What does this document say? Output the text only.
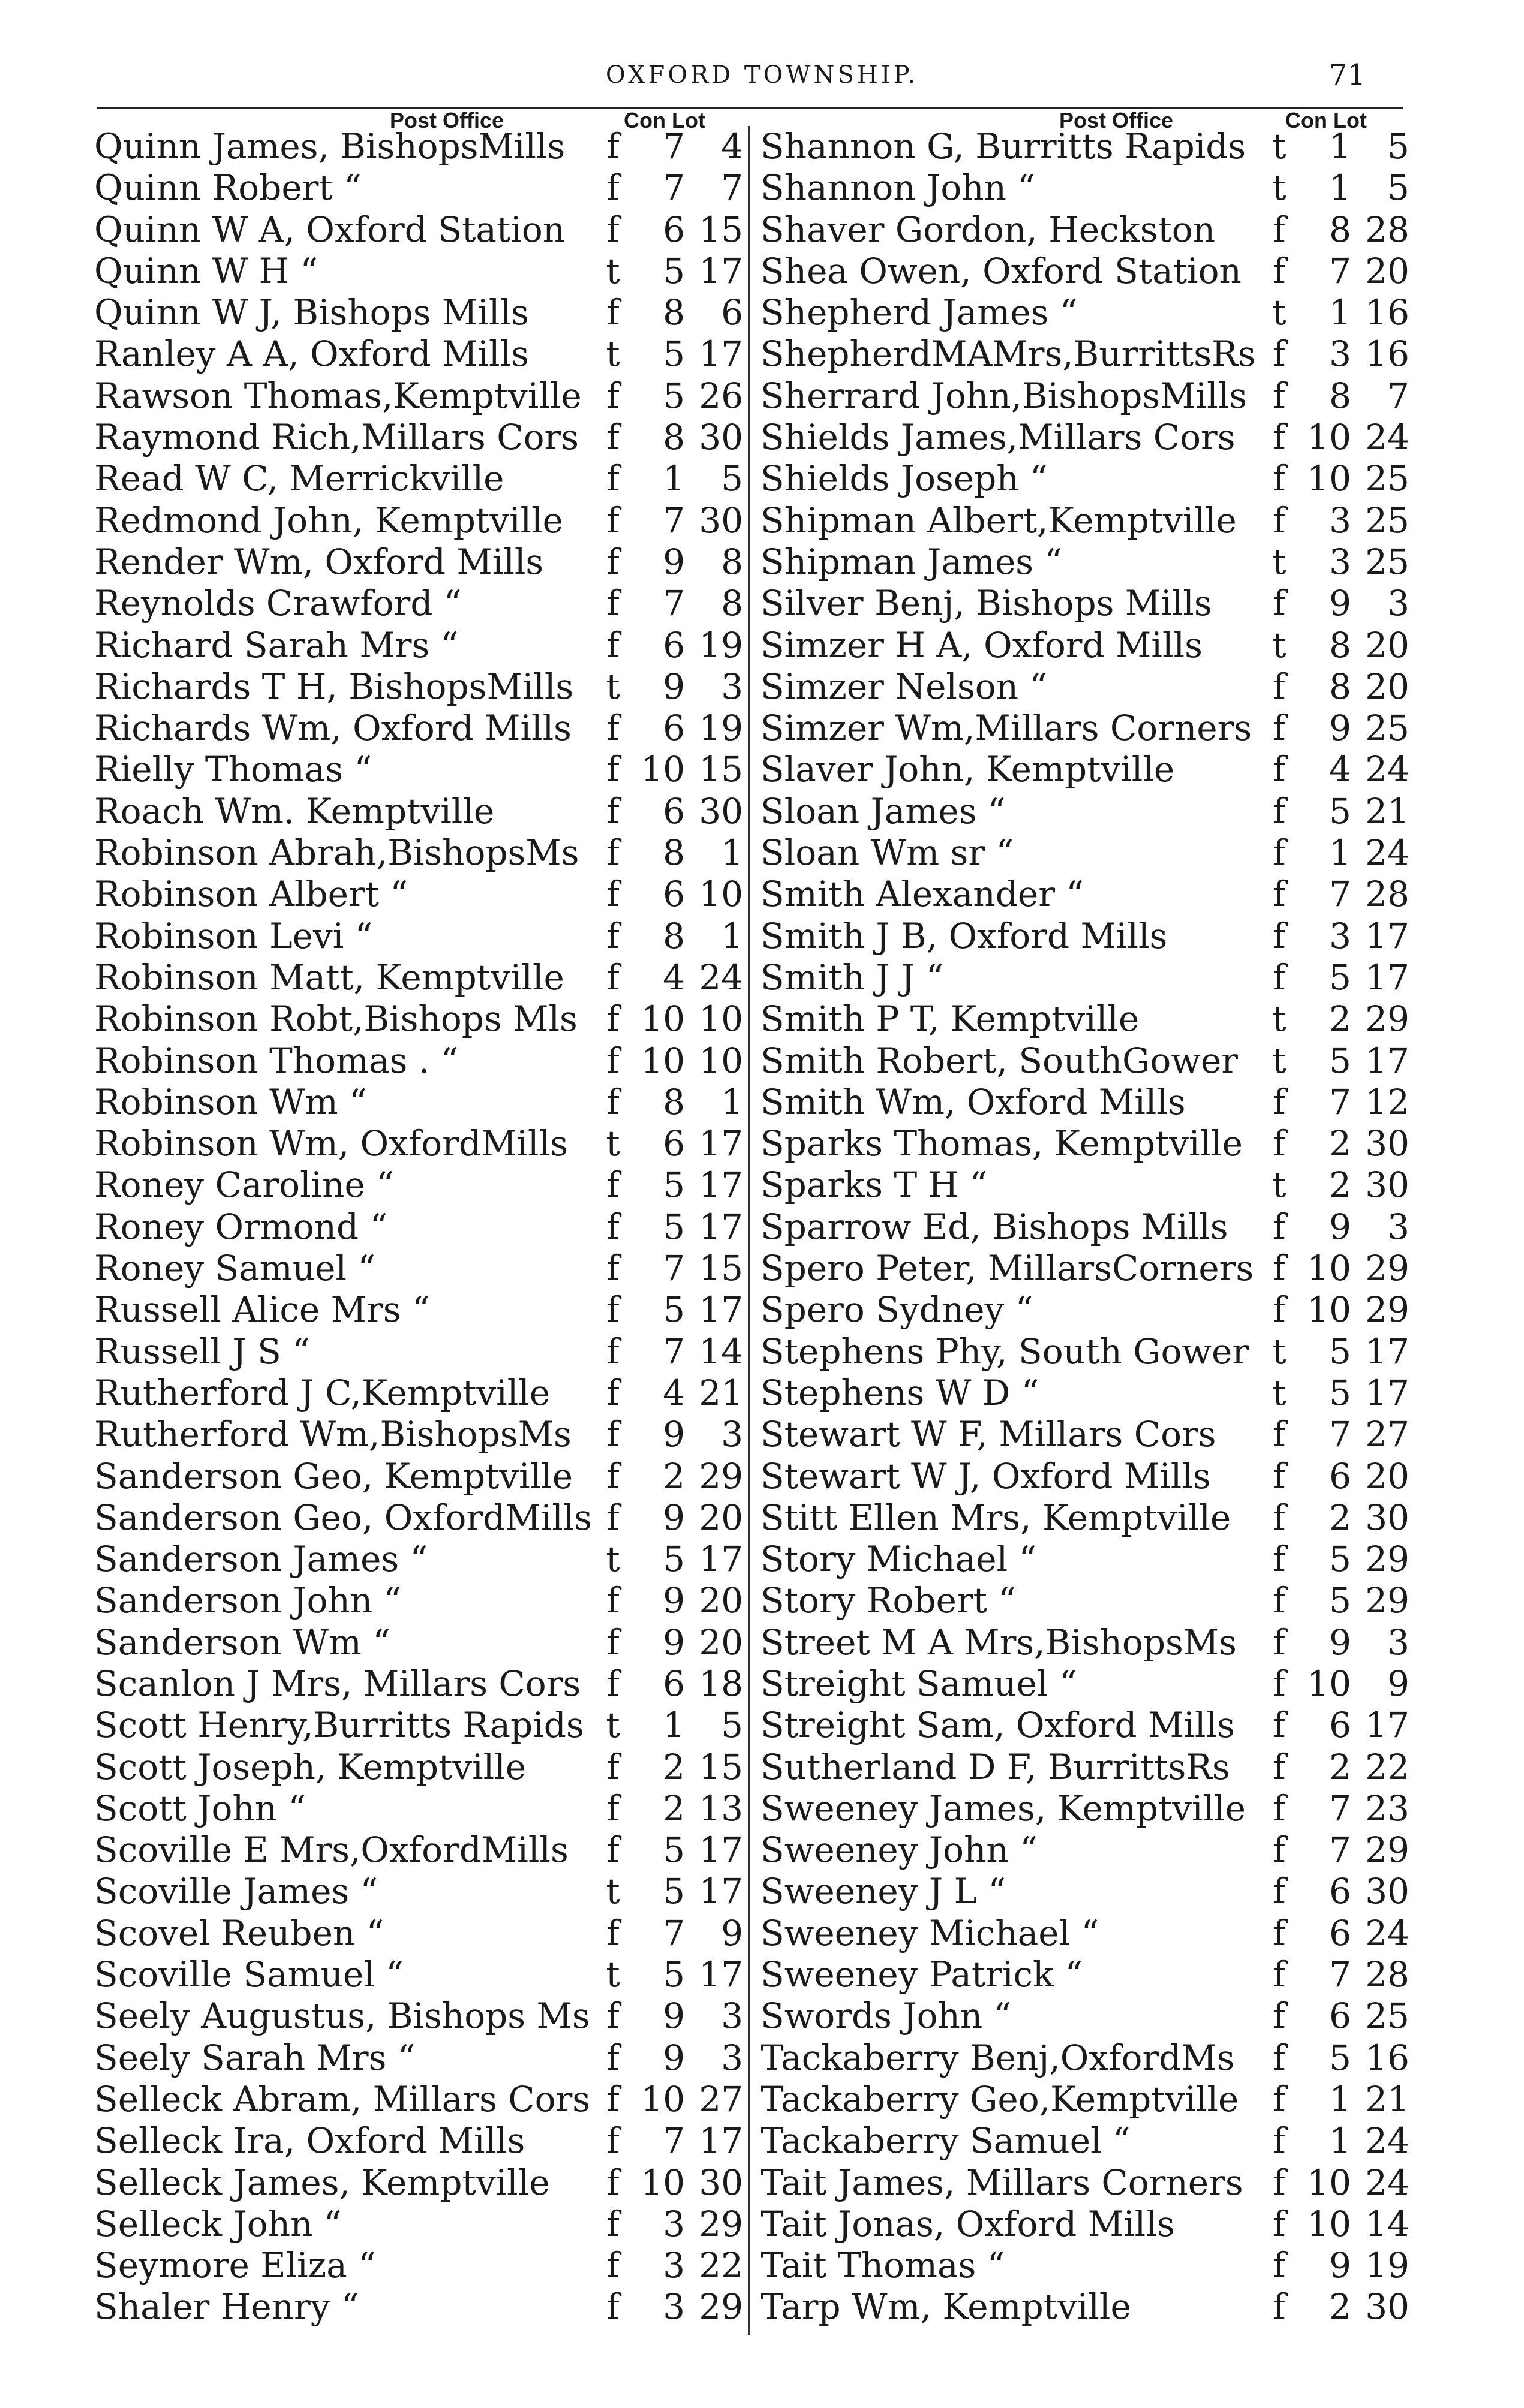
OXFORD TOWNSHIP.	71
Post Office	Con Lot	Post Office	Con Lot
Quinn James, BishopsMills f	7	4
Quinn Robert “	f	7	7
Quinn W A, Oxford Station f	6 15
Quinn W H “	t	5 17
Quinn W J, Bishops Mills f	8	6
Ranley A A, Oxford Mills t	5 17
Rawson Thomas,Kemptville f	5 26
Raymond Rich,Millars Cors f	8 30
Read W C, Merrickville	f	1	5
Redmond John, Kemptville f	7 30
Render Wm, Oxford Mills f	9	8
Reynolds Crawford “	f	7	8
Richard Sarah Mrs “	f	6 19
Richards T H, BishopsMills t	9	3
Richards Wm, Oxford Mills f	6 19
Rielly Thomas “	f 10 15
Roach Wm. Kemptville	f	6 30
Robinson Abrah,BishopsMs f	8	1
Robinson Albert “	f	6 10
Robinson Levi “	f	8	1
Robinson Matt, Kemptville f	4 24
Robinson Robt,Bishops Mls f 10 10
Robinson Thomas . “	f 10 10
Robinson Wm “	f	8	1
Robinson Wm, OxfordMills t	6 17
Roney Caroline “	f	5 17
Roney Ormond “	f	5 17
Roney Samuel “	f	7 15
Russell Alice Mrs “	f	5 17
Russell J S “	f	7 14
Rutherford J C,Kemptville f	4 21
Rutherford Wm,BishopsMs f	9	3
Sanderson Geo, Kemptville f	2 29
Sanderson Geo, OxfordMills f	9 20
Sanderson James “	t	5 17
Sanderson John “	f	9 20
Sanderson Wm “	f	9 20
Scanlon J Mrs, Millars Cors f	6 18
Scott Henry,Burritts Rapids t	1	5
Scott Joseph, Kemptville f	2 15
Scott John “	f	2 13
Scoville E Mrs,OxfordMills f	5 17
Scoville James “	t	5 17
Scovel Reuben “	f	7	9
Scoville Samuel “	t	5 17
Seely Augustus, Bishops Ms f	9	3
Seely Sarah Mrs “	f	9	3
Selleck Abram, Millars Cors f 10 27
Selleck Ira, Oxford Mills f	7 17
Selleck James, Kemptville f 10 30
Selleck John “	f	3 29
Seymore Eliza “	f	3 22
Shaler Henry “	f	3 29
Shannon G, Burritts Rapids t	1	5
Shannon John “	t	1	5
Shaver Gordon, Heckston f	8 28
Shea Owen, Oxford Station f	7 20
Shepherd James “	t	1 16
ShepherdMAMrs,BurrittsRs f	3 16
Sherrard John,BishopsMills f	8	7
Shields James,Millars Cors f 10 24
Shields Joseph “	f 10 25
Shipman Albert,Kemptville f	3 25
Shipman James “	t	3 25
Silver Benj, Bishops Mills f	9	3
Simzer H A, Oxford Mills t	8 20
Simzer Nelson “	f	8 20
Simzer Wm,Millars Corners f	9 25
Slaver John, Kemptville	f	4 24
Sloan James “	f	5 21
Sloan Wm sr “	f	1 24
Smith Alexander “	f	7 28
Smith J B, Oxford Mills	f	3 17
Smith J J “	f	5 17
Smith P T, Kemptville	t	2 29
Smith Robert, SouthGower t	5 17
Smith Wm, Oxford Mills	f	7 12
Sparks Thomas, Kemptville f	2 30
Sparks T H “	t	2 30
Sparrow Ed, Bishops Mills f	9	3
Spero Peter, MillarsCorners f 10 29
Spero Sydney “	f 10 29
Stephens Phy, South Gower t	5 17
Stephens W D “	t	5 17
Stewart W F, Millars Cors f	7 27
Stewart W J, Oxford Mills f	6 20
Stitt Ellen Mrs, Kemptville f	2 30
Story Michael “	f	5 29
Story Robert “	f	5 29
Street M A Mrs,BishopsMs f	9	3
Streight Samuel “	f 10	9
Streight Sam, Oxford Mills f	6 17
Sutherland D F, BurrittsRs f	2 22
Sweeney James, Kemptville f	7 23
Sweeney John “	f	7 29
Sweeney J L “	f	6 30
Sweeney Michael “	f	6 24
Sweeney Patrick “	f	7 28
Swords John “	f	6 25
Tackaberry Benj,OxfordMs f	5 16
Tackaberry Geo,Kemptville f	1 21
Tackaberry Samuel “	f	1 24
Tait James, Millars Corners f 10 24
Tait Jonas, Oxford Mills	f 10 14
Tait Thomas “	f	9 19
Tarp Wm, Kemptville	f	2 30
